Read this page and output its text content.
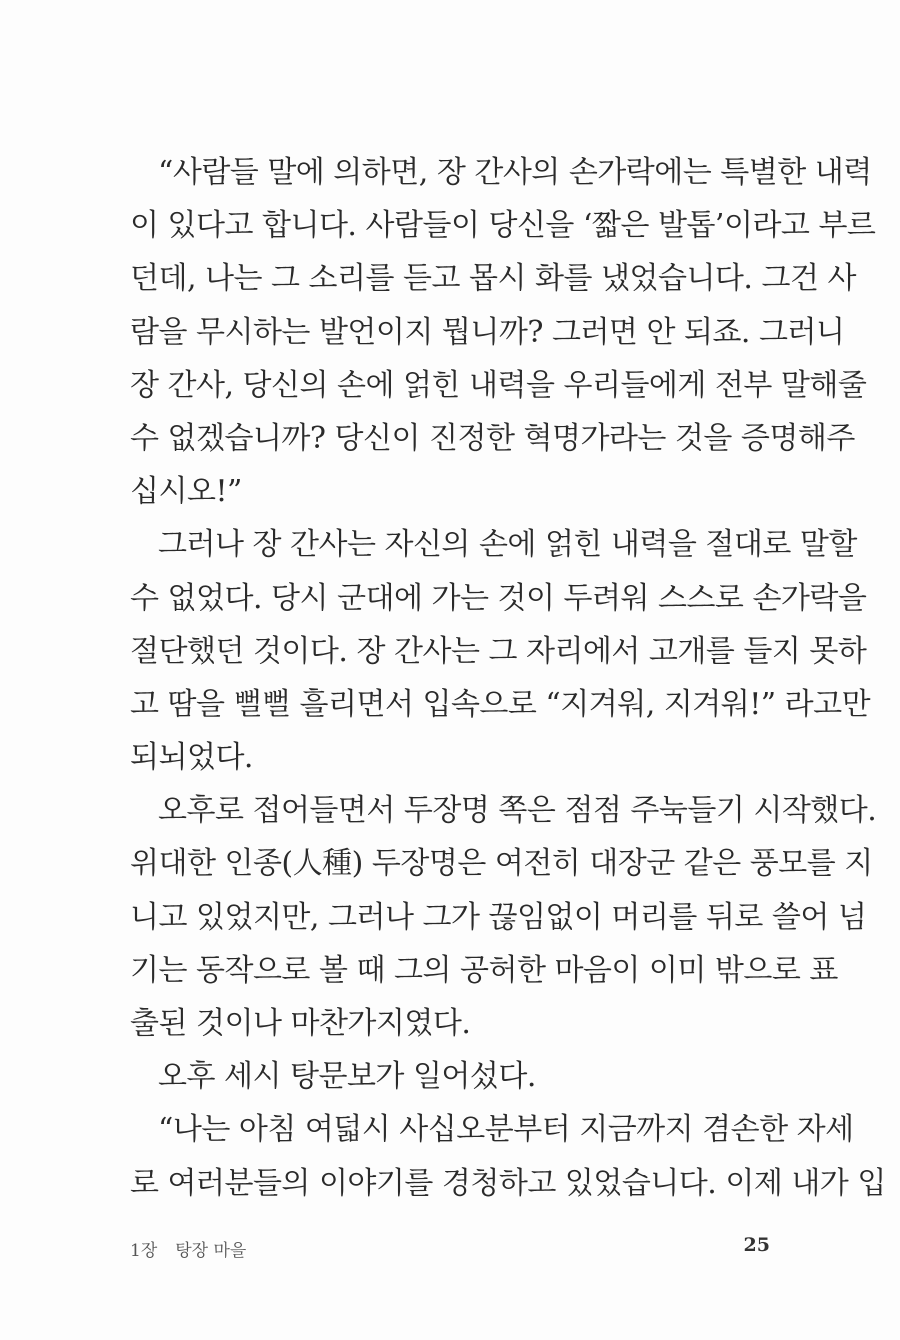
“사람들 말에 의하면, 장 간사의 손가락에는 특별한 내력
이 있다고 합니다. 사람들이 당신을 ‘짧은 발톱’이라고 부르
던데, 나는 그 소리를 듣고 몹시 화를 냈었습니다. 그건 사
람을 무시하는 발언이지 뭡니까? 그러면 안 되죠. 그러니
장 간사, 당신의 손에 얽힌 내력을 우리들에게 전부 말해줄
수 없겠습니까? 당신이 진정한 혁명가라는 것을 증명해주
십시오!”
그러나 장 간사는 자신의 손에 얽힌 내력을 절대로 말할
수 없었다. 당시 군대에 가는 것이 두려워 스스로 손가락을
절단했던 것이다. 장 간사는 그 자리에서 고개를 들지 못하
고 땀을 뻘뻘 흘리면서 입속으로 “지겨워, 지겨워!” 라고만
되뇌었다.
오후로 접어들면서 두장명 쪽은 점점 주눅들기 시작했다.
위대한 인종(人種) 두장명은 여전히 대장군 같은 풍모를 지
니고 있었지만, 그러나 그가 끊임없이 머리를 뒤로 쓸어 넘
기는 동작으로 볼 때 그의 공허한 마음이 이미 밖으로 표
출된 것이나 마찬가지였다.
오후 세시 탕문보가 일어섰다.
“나는 아침 여덟시 사십오분부터 지금까지 겸손한 자세
로 여러분들의 이야기를 경청하고 있었습니다. 이제 내가 입
1장 탕장 마을	25
